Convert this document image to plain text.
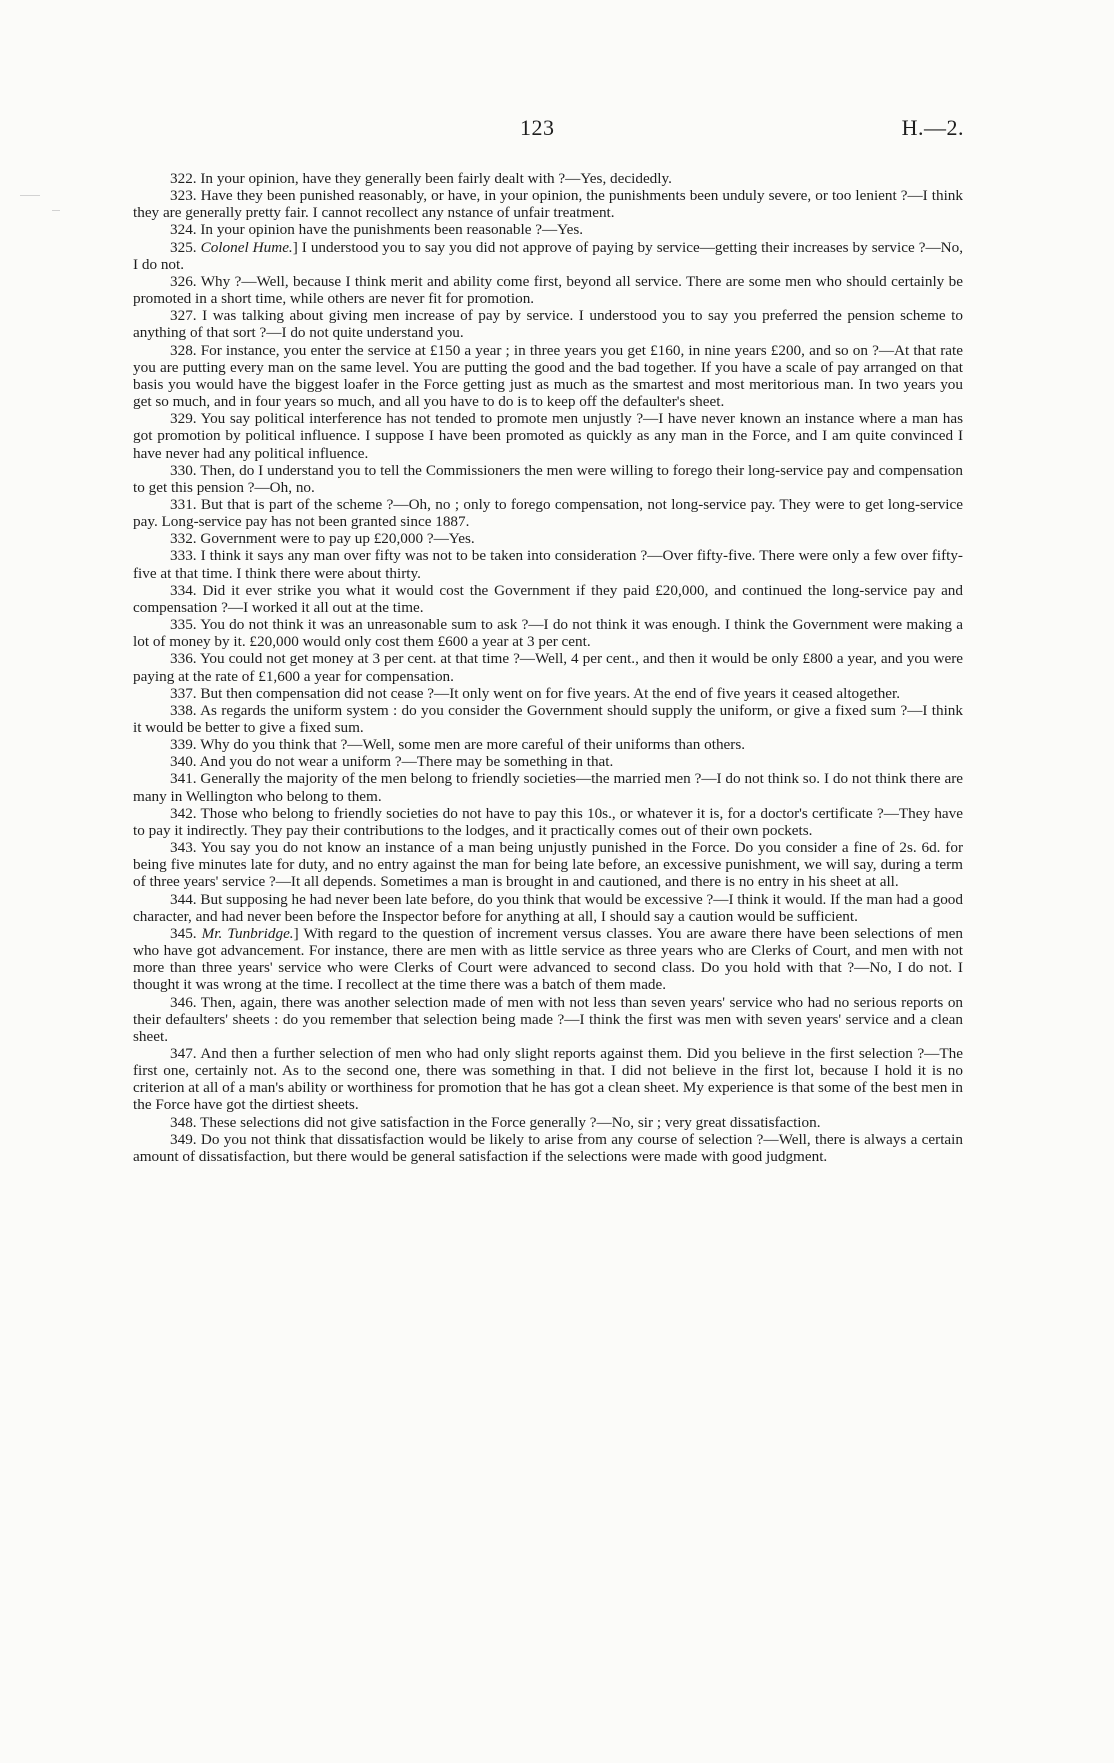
123	H.—2.

322. In your opinion, have they generally been fairly dealt with ?—Yes, decidedly.

323. Have they been punished reasonably, or have, in your opinion, the punishments been unduly severe, or too lenient ?—I think they are generally pretty fair. I cannot recollect any nstance of unfair treatment.

324. In your opinion have the punishments been reasonable ?—Yes.

325. Colonel Hume.] I understood you to say you did not approve of paying by service—getting their increases by service ?—No, I do not.

326. Why ?—Well, because I think merit and ability come first, beyond all service. There are some men who should certainly be promoted in a short time, while others are never fit for promotion.

327. I was talking about giving men increase of pay by service. I understood you to say you preferred the pension scheme to anything of that sort ?—I do not quite understand you.

328. For instance, you enter the service at £150 a year ; in three years you get £160, in nine years £200, and so on ?—At that rate you are putting every man on the same level. You are putting the good and the bad together. If you have a scale of pay arranged on that basis you would have the biggest loafer in the Force getting just as much as the smartest and most meritorious man. In two years you get so much, and in four years so much, and all you have to do is to keep off the defaulter's sheet.

329. You say political interference has not tended to promote men unjustly ?—I have never known an instance where a man has got promotion by political influence. I suppose I have been promoted as quickly as any man in the Force, and I am quite convinced I have never had any political influence.

330. Then, do I understand you to tell the Commissioners the men were willing to forego their long-service pay and compensation to get this pension ?—Oh, no.

331. But that is part of the scheme ?—Oh, no ; only to forego compensation, not long-service pay. They were to get long-service pay. Long-service pay has not been granted since 1887.

332. Government were to pay up £20,000 ?—Yes.

333. I think it says any man over fifty was not to be taken into consideration ?—Over fifty-five. There were only a few over fifty-five at that time. I think there were about thirty.

334. Did it ever strike you what it would cost the Government if they paid £20,000, and continued the long-service pay and compensation ?—I worked it all out at the time.

335. You do not think it was an unreasonable sum to ask ?—I do not think it was enough. I think the Government were making a lot of money by it. £20,000 would only cost them £600 a year at 3 per cent.

336. You could not get money at 3 per cent. at that time ?—Well, 4 per cent., and then it would be only £800 a year, and you were paying at the rate of £1,600 a year for compensation.

337. But then compensation did not cease ?—It only went on for five years. At the end of five years it ceased altogether.

338. As regards the uniform system : do you consider the Government should supply the uniform, or give a fixed sum ?—I think it would be better to give a fixed sum.

339. Why do you think that ?—Well, some men are more careful of their uniforms than others.

340. And you do not wear a uniform ?—There may be something in that.

341. Generally the majority of the men belong to friendly societies—the married men ?—I do not think so. I do not think there are many in Wellington who belong to them.

342. Those who belong to friendly societies do not have to pay this 10s., or whatever it is, for a doctor's certificate ?—They have to pay it indirectly. They pay their contributions to the lodges, and it practically comes out of their own pockets.

343. You say you do not know an instance of a man being unjustly punished in the Force. Do you consider a fine of 2s. 6d. for being five minutes late for duty, and no entry against the man for being late before, an excessive punishment, we will say, during a term of three years' service ?—It all depends. Sometimes a man is brought in and cautioned, and there is no entry in his sheet at all.

344. But supposing he had never been late before, do you think that would be excessive ?—I think it would. If the man had a good character, and had never been before the Inspector before for anything at all, I should say a caution would be sufficient.

345. Mr. Tunbridge.] With regard to the question of increment versus classes. You are aware there have been selections of men who have got advancement. For instance, there are men with as little service as three years who are Clerks of Court, and men with not more than three years' service who were Clerks of Court were advanced to second class. Do you hold with that ?—No, I do not. I thought it was wrong at the time. I recollect at the time there was a batch of them made.

346. Then, again, there was another selection made of men with not less than seven years' service who had no serious reports on their defaulters' sheets : do you remember that selection being made ?—I think the first was men with seven years' service and a clean sheet.

347. And then a further selection of men who had only slight reports against them. Did you believe in the first selection ?—The first one, certainly not. As to the second one, there was something in that. I did not believe in the first lot, because I hold it is no criterion at all of a man's ability or worthiness for promotion that he has got a clean sheet. My experience is that some of the best men in the Force have got the dirtiest sheets.

348. These selections did not give satisfaction in the Force generally ?—No, sir ; very great dissatisfaction.

349. Do you not think that dissatisfaction would be likely to arise from any course of selection ?—Well, there is always a certain amount of dissatisfaction, but there would be general satisfaction if the selections were made with good judgment.
